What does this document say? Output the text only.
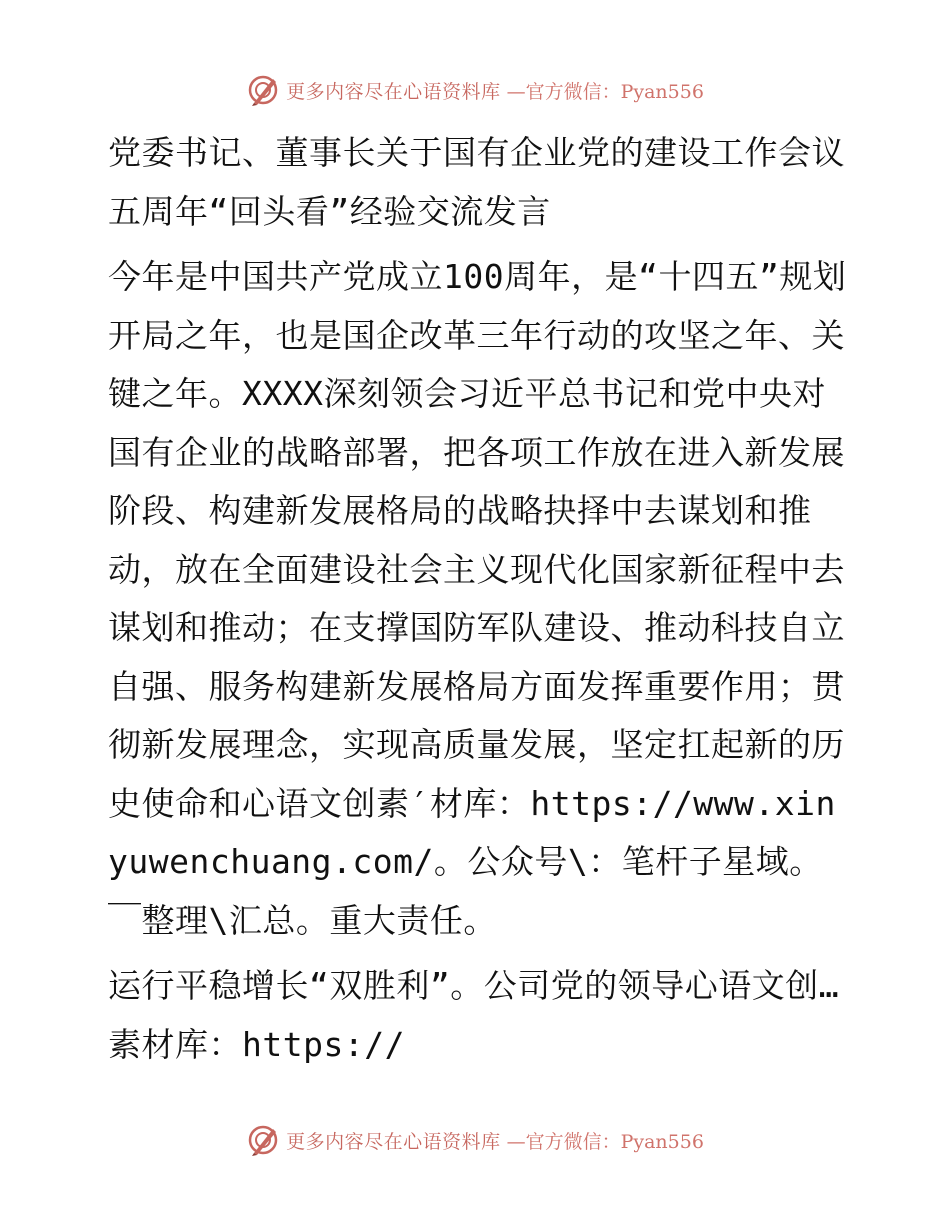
更多内容尽在心语资料库 —官方微信：Pyan556

党委书记、董事长关于国有企业党的建设工作会议五周年“回头看”经验交流发言

今年是中国共产党成立100周年，是“十四五”规划开局之年，也是国企改革三年行动的攻坚之年、关键之年。XXXX深刻领会习近平总书记和党中央对国有企业的战略部署，把各项工作放在进入新发展阶段、构建新发展格局的战略抉择中去谋划和推动，放在全面建设社会主义现代化国家新征程中去谋划和推动；在支撑国防军队建设、推动科技自立自强、服务构建新发展格局方面发挥重要作用；贯彻新发展理念，实现高质量发展，坚定扛起新的历史使命和心语文创素′材库：https://www.xinyuwenchuang.com/。公众号\：笔杆子星域。￣整理\汇总。重大责任。

运行平稳增长“双胜利”。公司党的领导心语文创…素材库：https://

更多内容尽在心语资料库 —官方微信：Pyan556
